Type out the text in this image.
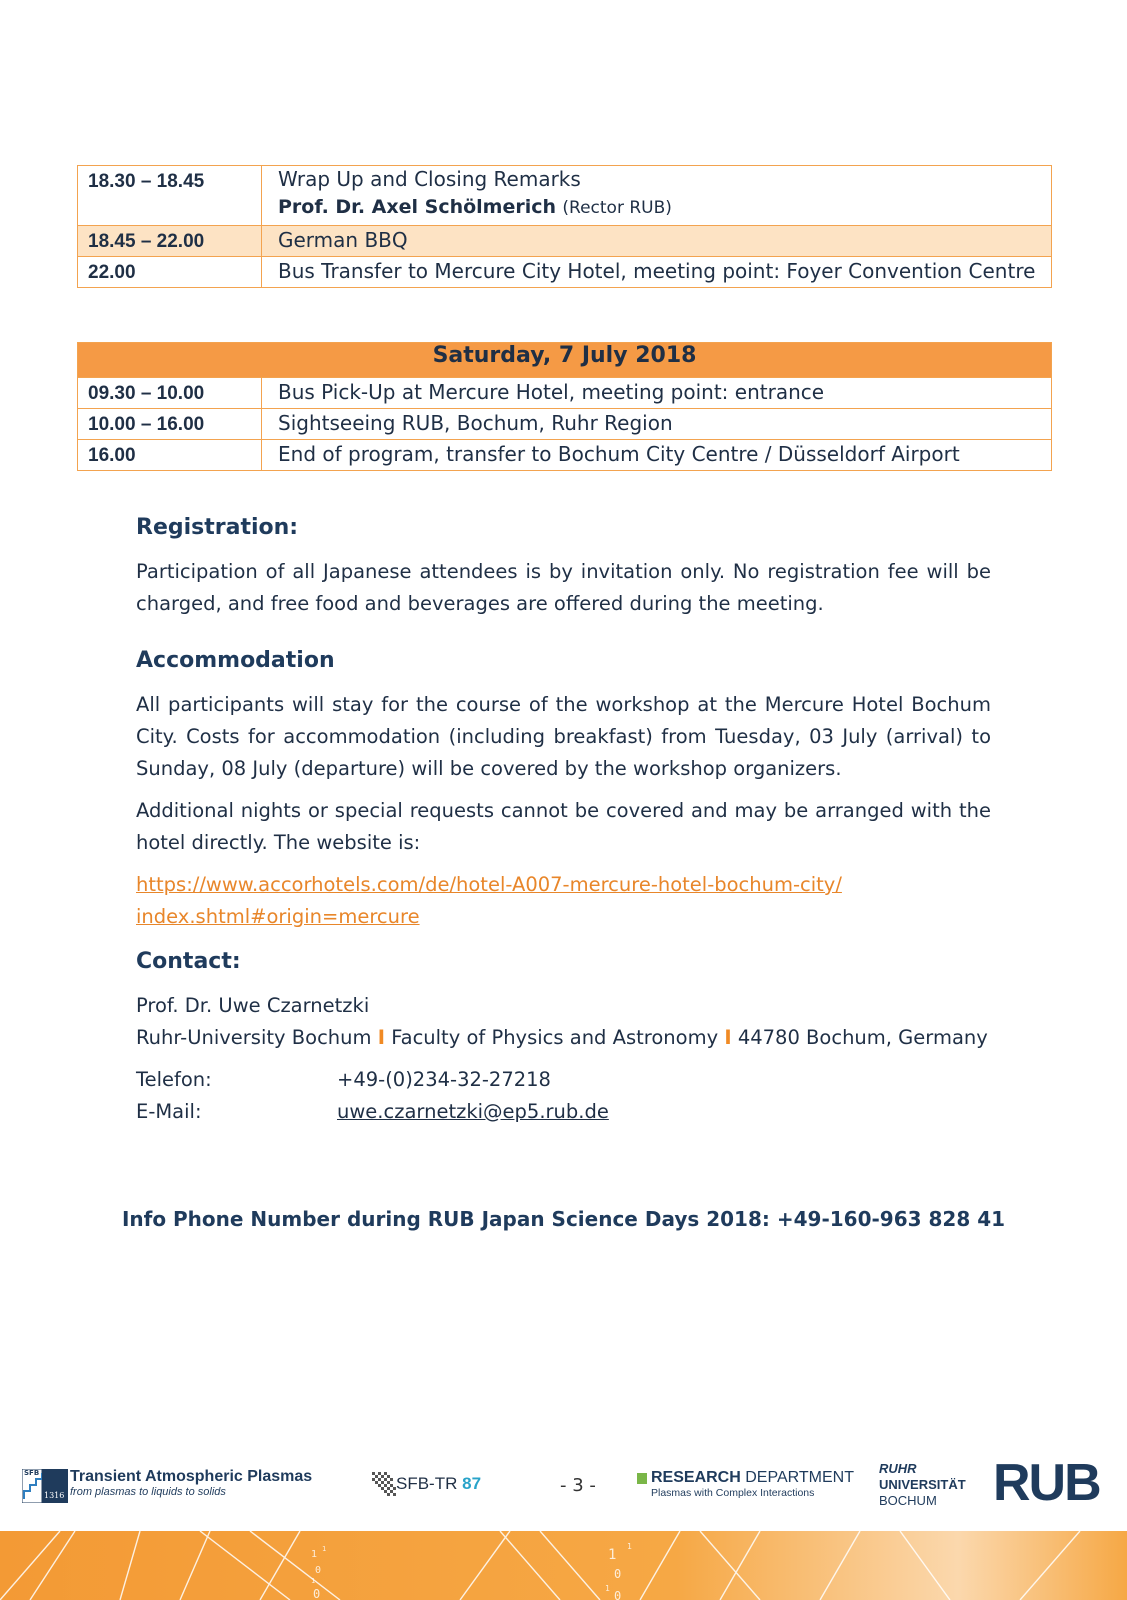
18.30 – 18.45	Wrap Up and Closing Remarks
Prof. Dr. Axel Schölmerich (Rector RUB)

18.45 – 22.00	German BBQ
22.00	Bus Transfer to Mercure City Hotel, meeting point: Foyer Convention Centre
Saturday, 7 July 2018	
09.30 – 10.00	Bus Pick-Up at Mercure Hotel, meeting point: entrance
10.00 – 16.00	Sightseeing RUB, Bochum, Ruhr Region
16.00	End of program, transfer to Bochum City Centre / Düsseldorf Airport
Registration:

Participation of all Japanese attendees is by invitation only. No registration fee will be charged, and free food and beverages are offered during the meeting.

Accommodation

All participants will stay for the course of the workshop at the Mercure Hotel Bochum City. Costs for accommodation (including breakfast) from Tuesday, 03 July (arrival) to Sunday, 08 July (departure) will be covered by the workshop organizers.

Additional nights or special requests cannot be covered and may be arranged with the hotel directly. The website is:

https://www.accorhotels.com/de/hotel-A007-mercure-hotel-bochum-city/
index.shtml#origin=mercure
Contact:
Prof. Dr. Uwe Czarnetzki
Ruhr-University Bochum I Faculty of Physics and Astronomy I 44780 Bochum, Germany
Telefon:	+49-(0)234-32-27218
E-Mail:	uwe.czarnetzki@ep5.rub.de
Info Phone Number during RUB Japan Science Days 2018: +49-160-963 828 41
SFB
1316
Transient Atmospheric Plasmas
from plasmas to liquids to solids	SFB-TR 87	- 3 -	RESEARCH DEPARTMENT
Plasmas with Complex Interactions
RUHR
UNIVERSITÄT
BOCHUM	RUB
1 1
0
1
0
1
1
0
1
0
